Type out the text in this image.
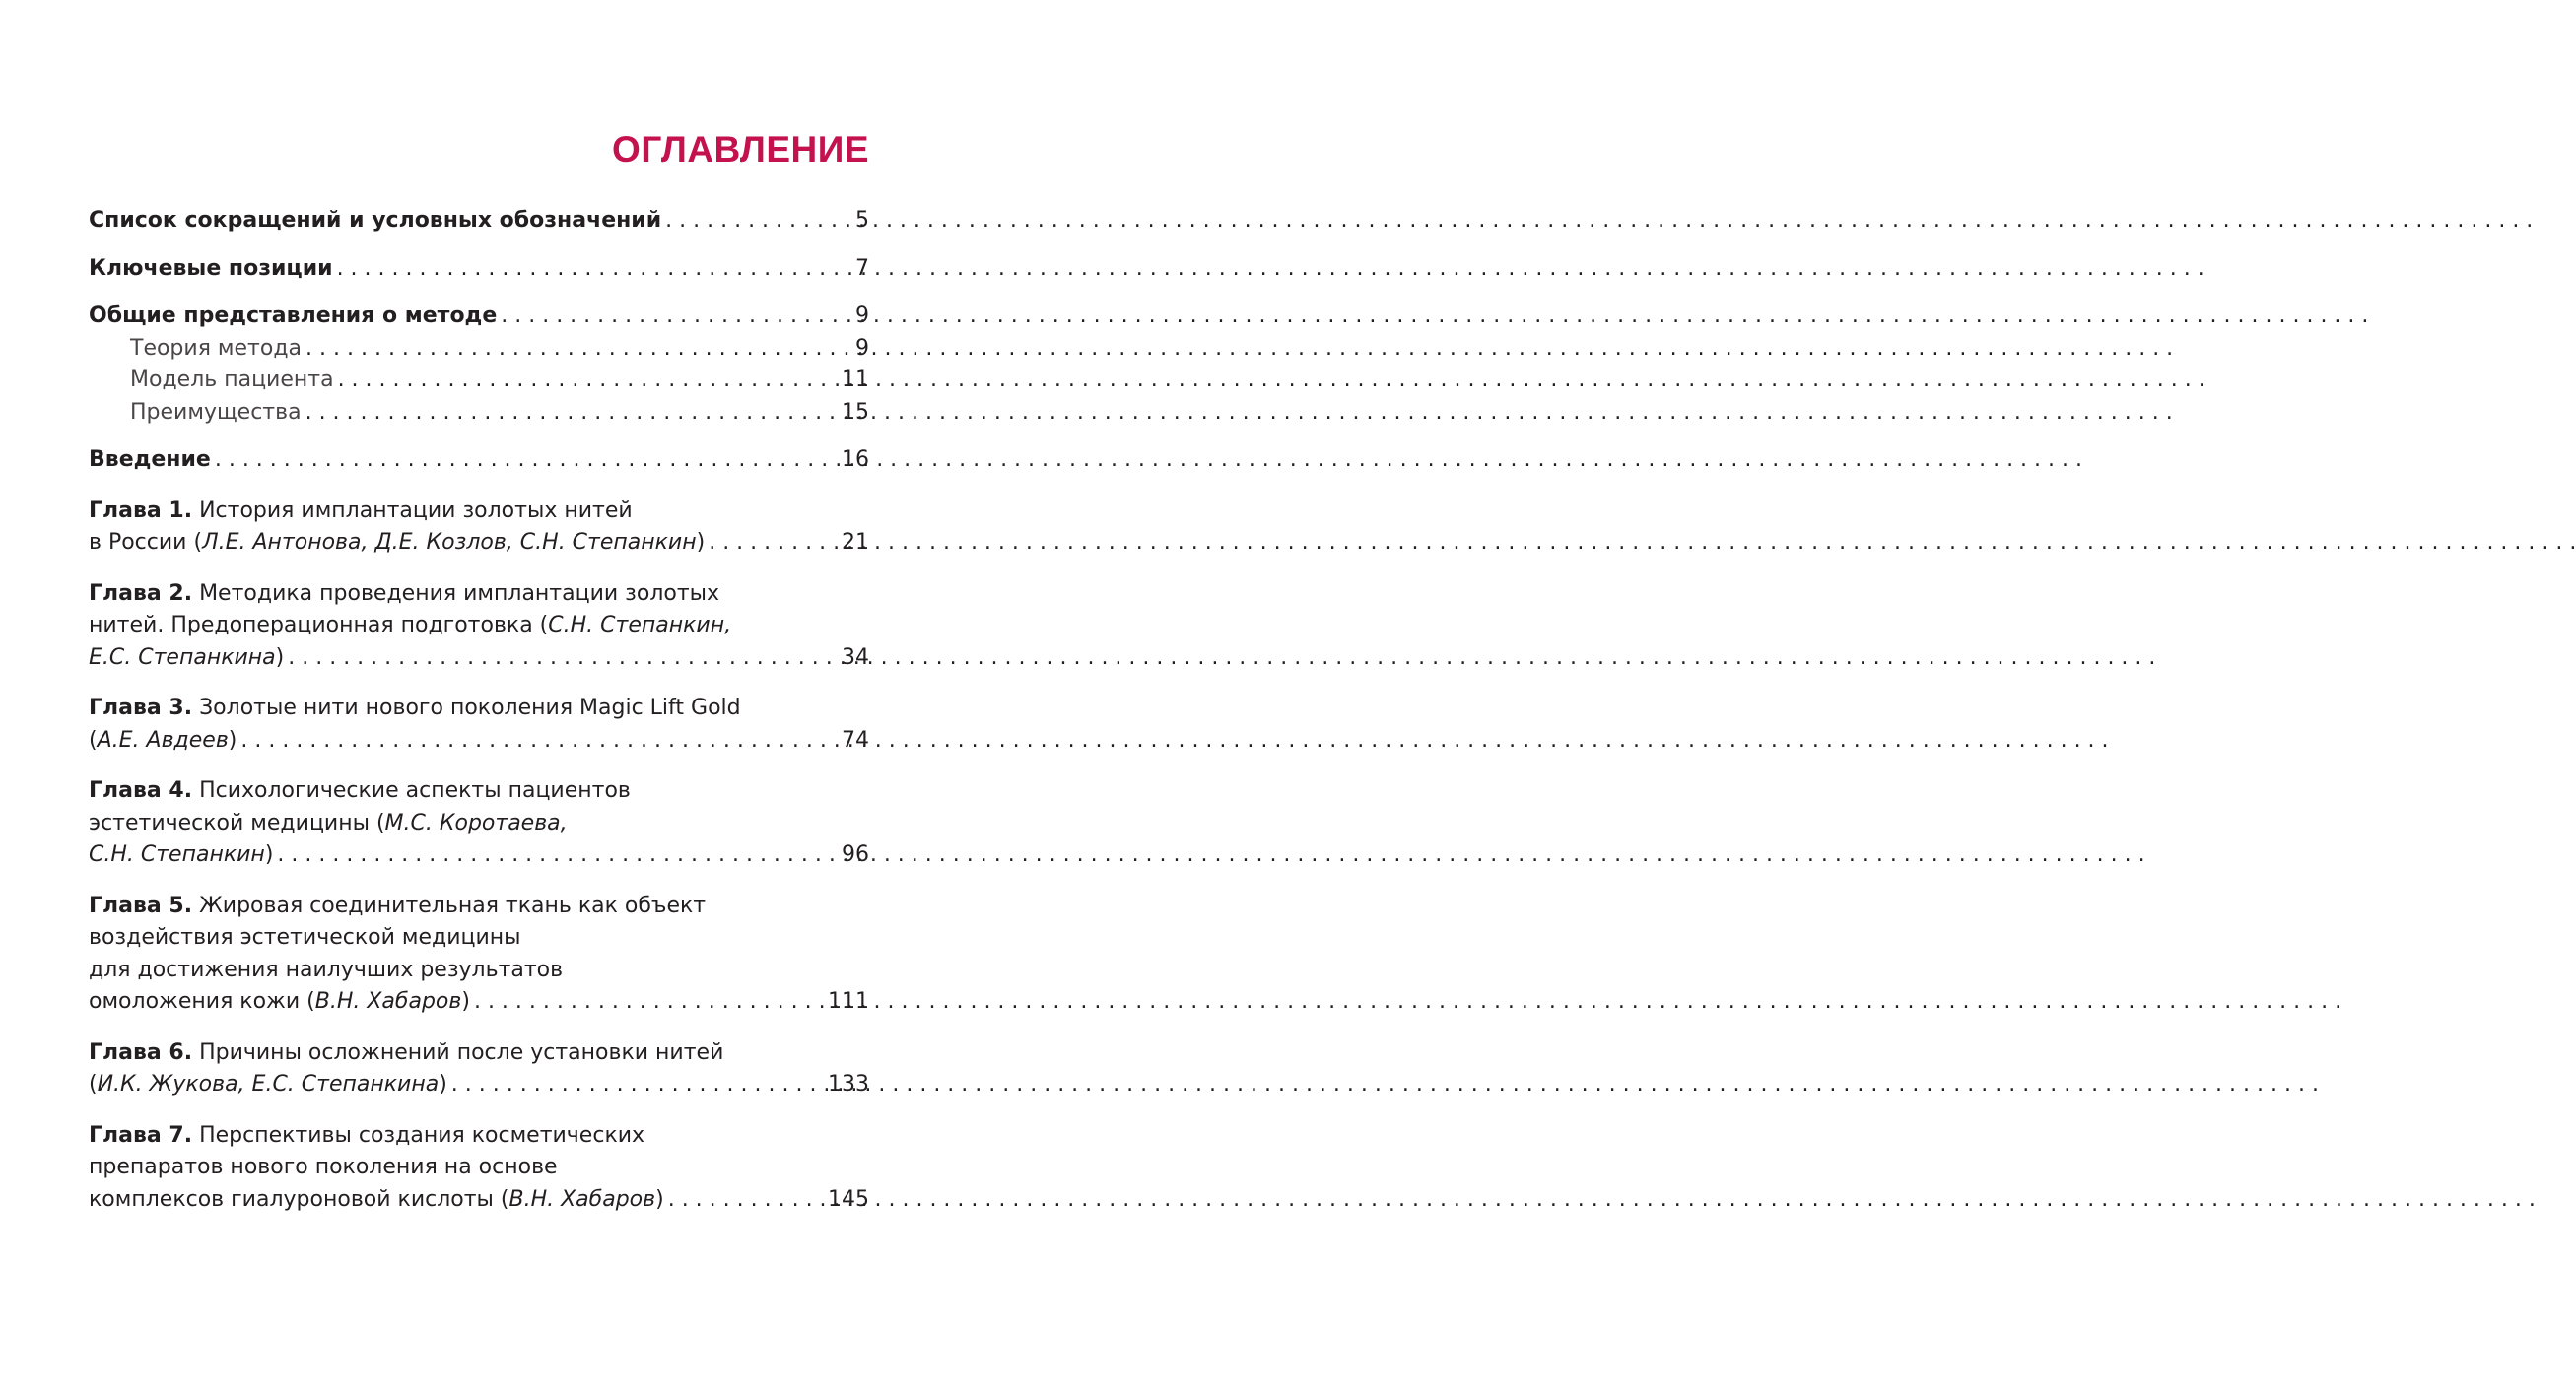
ОГЛАВЛЕНИЕ
Список сокращений и условных обозначений . . .	5
Ключевые позиции . . .	7
Общие представления о методе . . .	9
Теория метода . . .	9
Модель пациента . . .	11
Преимущества . . .	15
Введение . . .	16
Глава 1. История имплантации золотых нитей
в России (Л.Е. Антонова, Д.Е. Козлов, С.Н. Степанкин) . . .	21
Глава 2. Методика проведения имплантации золотых
нитей. Предоперационная подготовка (С.Н. Степанкин,
Е.С. Степанкина) . . .	34
Глава 3. Золотые нити нового поколения Magic Lift Gold
(А.Е. Авдеев) . . .	74
Глава 4. Психологические аспекты пациентов
эстетической медицины (М.С. Коротаева,
С.Н. Степанкин) . . .	96
Глава 5. Жировая соединительная ткань как объект
воздействия эстетической медицины
для достижения наилучших результатов
омоложения кожи (В.Н. Хабаров) . . .	111
Глава 6. Причины осложнений после установки нитей
(И.К. Жукова, Е.С. Степанкина) . . .	133
Глава 7. Перспективы создания косметических
препаратов нового поколения на основе
комплексов гиалуроновой кислоты (В.Н. Хабаров) . . .	145
